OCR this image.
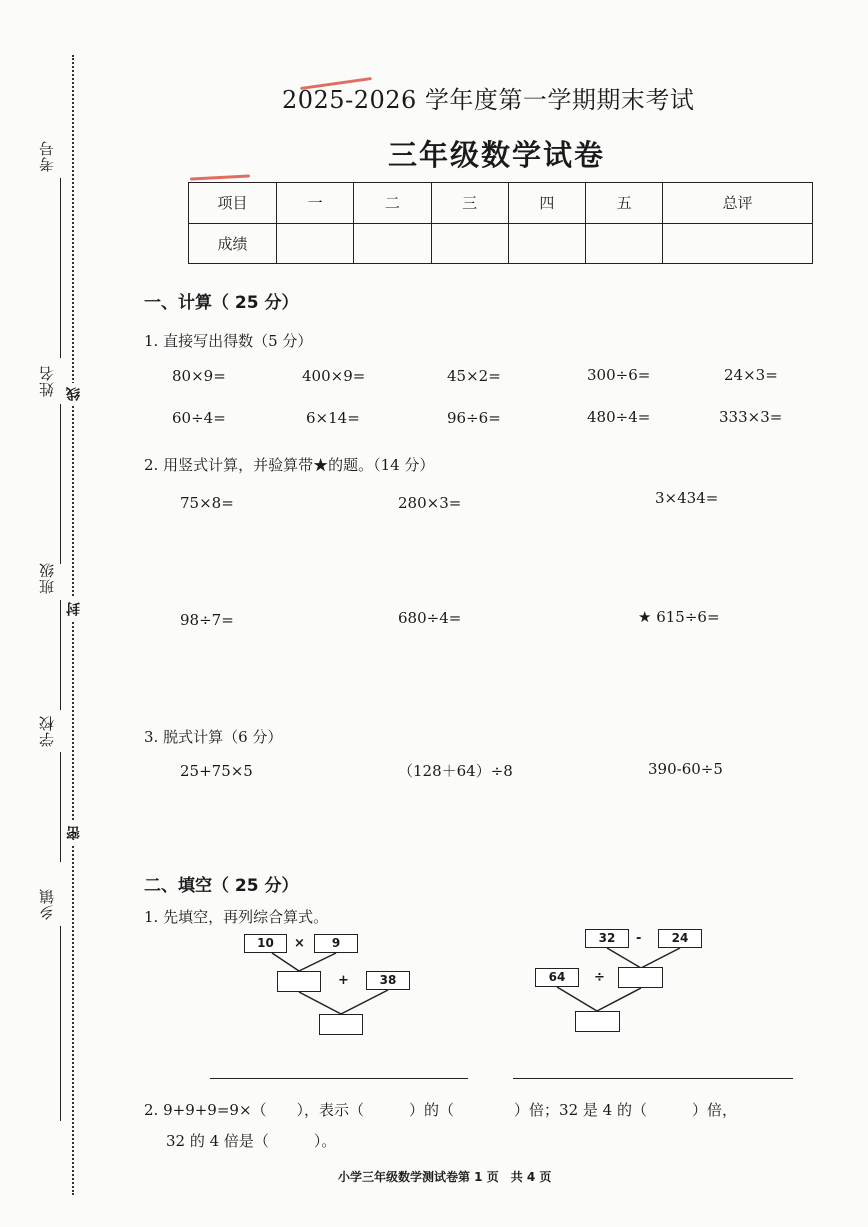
考号
姓名
班级
学校
乡镇
线
封
密
2025-2026 学年度第一学期期末考试
三年级数学试卷
项目	一	二	三	四	五	总评
成绩						
一、计算（ 25 分）
1. 直接写出得数（5 分）
80×9=	400×9=	45×2=	300÷6=	24×3=
60÷4=	6×14=	96÷6=	480÷4=	333×3=
2. 用竖式计算，并验算带★的题。（14 分）
75×8=	280×3=	3×434=
98÷7=	680÷4=	★ 615÷6=
3. 脱式计算（6 分）
25+75×5	（128＋64）÷8	390-60÷5
二、填空（ 25 分）
1. 先填空，再列综合算式。
10	×	9
+	38
32	-	24
64	÷
2. 9+9+9=9×（　　），表示（　　　）的（　　　　）倍；32 是 4 的（　　　）倍，
32 的 4 倍是（　　　）。
小学三年级数学测试卷第 1 页　共 4 页
